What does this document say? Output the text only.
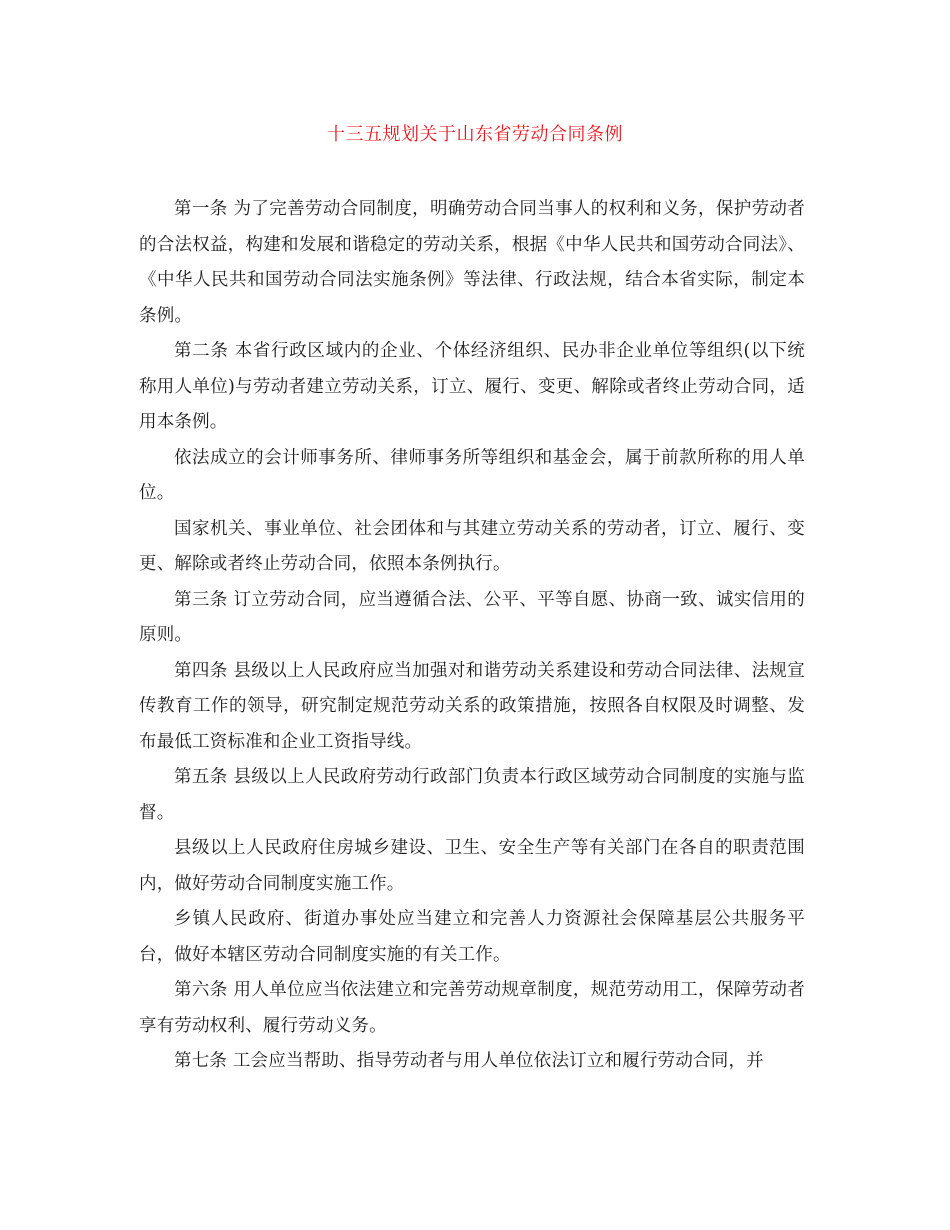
十三五规划关于山东省劳动合同条例

第一条 为了完善劳动合同制度，明确劳动合同当事人的权利和义务，保护劳动者的合法权益，构建和发展和谐稳定的劳动关系，根据《中华人民共和国劳动合同法》、《中华人民共和国劳动合同法实施条例》等法律、行政法规，结合本省实际，制定本条例。

第二条 本省行政区域内的企业、个体经济组织、民办非企业单位等组织(以下统称用人单位)与劳动者建立劳动关系，订立、履行、变更、解除或者终止劳动合同，适用本条例。

依法成立的会计师事务所、律师事务所等组织和基金会，属于前款所称的用人单位。

国家机关、事业单位、社会团体和与其建立劳动关系的劳动者，订立、履行、变更、解除或者终止劳动合同，依照本条例执行。

第三条 订立劳动合同，应当遵循合法、公平、平等自愿、协商一致、诚实信用的原则。

第四条 县级以上人民政府应当加强对和谐劳动关系建设和劳动合同法律、法规宣传教育工作的领导，研究制定规范劳动关系的政策措施，按照各自权限及时调整、发布最低工资标准和企业工资指导线。

第五条 县级以上人民政府劳动行政部门负责本行政区域劳动合同制度的实施与监督。

县级以上人民政府住房城乡建设、卫生、安全生产等有关部门在各自的职责范围内，做好劳动合同制度实施工作。

乡镇人民政府、街道办事处应当建立和完善人力资源社会保障基层公共服务平台，做好本辖区劳动合同制度实施的有关工作。

第六条 用人单位应当依法建立和完善劳动规章制度，规范劳动用工，保障劳动者享有劳动权利、履行劳动义务。

第七条 工会应当帮助、指导劳动者与用人单位依法订立和履行劳动合同，并
